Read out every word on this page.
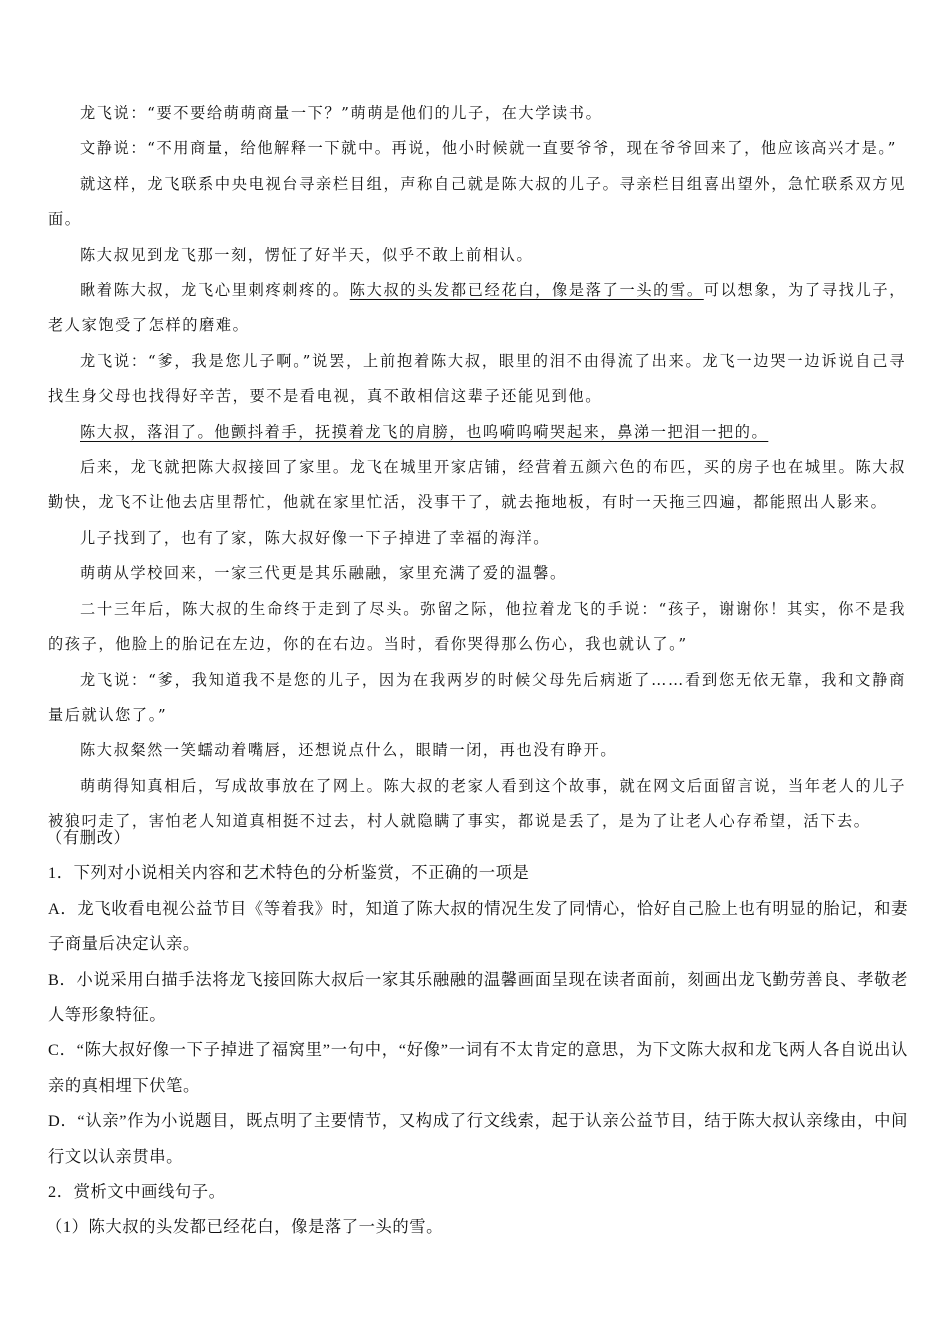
龙飞说：“要不要给萌萌商量一下？”萌萌是他们的儿子，在大学读书。

文静说：“不用商量，给他解释一下就中。再说，他小时候就一直要爷爷，现在爷爷回来了，他应该高兴才是。”

就这样，龙飞联系中央电视台寻亲栏目组，声称自己就是陈大叔的儿子。寻亲栏目组喜出望外，急忙联系双方见面。

陈大叔见到龙飞那一刻，愣怔了好半天，似乎不敢上前相认。

瞅着陈大叔，龙飞心里刺疼刺疼的。陈大叔的头发都已经花白，像是落了一头的雪。可以想象，为了寻找儿子，老人家饱受了怎样的磨难。

龙飞说：“爹，我是您儿子啊。”说罢，上前抱着陈大叔，眼里的泪不由得流了出来。龙飞一边哭一边诉说自己寻找生身父母也找得好辛苦，要不是看电视，真不敢相信这辈子还能见到他。

陈大叔，落泪了。他颤抖着手，抚摸着龙飞的肩膀，也呜嗬呜嗬哭起来，鼻涕一把泪一把的。

后来，龙飞就把陈大叔接回了家里。龙飞在城里开家店铺，经营着五颜六色的布匹，买的房子也在城里。陈大叔勤快，龙飞不让他去店里帮忙，他就在家里忙活，没事干了，就去拖地板，有时一天拖三四遍，都能照出人影来。

儿子找到了，也有了家，陈大叔好像一下子掉进了幸福的海洋。

萌萌从学校回来，一家三代更是其乐融融，家里充满了爱的温馨。

二十三年后，陈大叔的生命终于走到了尽头。弥留之际，他拉着龙飞的手说：“孩子，谢谢你！其实，你不是我的孩子，他脸上的胎记在左边，你的在右边。当时，看你哭得那么伤心，我也就认了。”

龙飞说：“爹，我知道我不是您的儿子，因为在我两岁的时候父母先后病逝了……看到您无依无靠，我和文静商量后就认您了。”

陈大叔粲然一笑蠕动着嘴唇，还想说点什么，眼睛一闭，再也没有睁开。

萌萌得知真相后，写成故事放在了网上。陈大叔的老家人看到这个故事，就在网文后面留言说，当年老人的儿子被狼叼走了，害怕老人知道真相挺不过去，村人就隐瞒了事实，都说是丢了，是为了让老人心存希望，活下去。

（有删改）

1．下列对小说相关内容和艺术特色的分析鉴赏，不正确的一项是

A．龙飞收看电视公益节目《等着我》时，知道了陈大叔的情况生发了同情心，恰好自己脸上也有明显的胎记，和妻子商量后决定认亲。

B．小说采用白描手法将龙飞接回陈大叔后一家其乐融融的温馨画面呈现在读者面前，刻画出龙飞勤劳善良、孝敬老人等形象特征。

C．“陈大叔好像一下子掉进了福窝里”一句中，“好像”一词有不太肯定的意思，为下文陈大叔和龙飞两人各自说出认亲的真相埋下伏笔。

D．“认亲”作为小说题目，既点明了主要情节，又构成了行文线索，起于认亲公益节目，结于陈大叔认亲缘由，中间行文以认亲贯串。

2．赏析文中画线句子。

（1）陈大叔的头发都已经花白，像是落了一头的雪。
